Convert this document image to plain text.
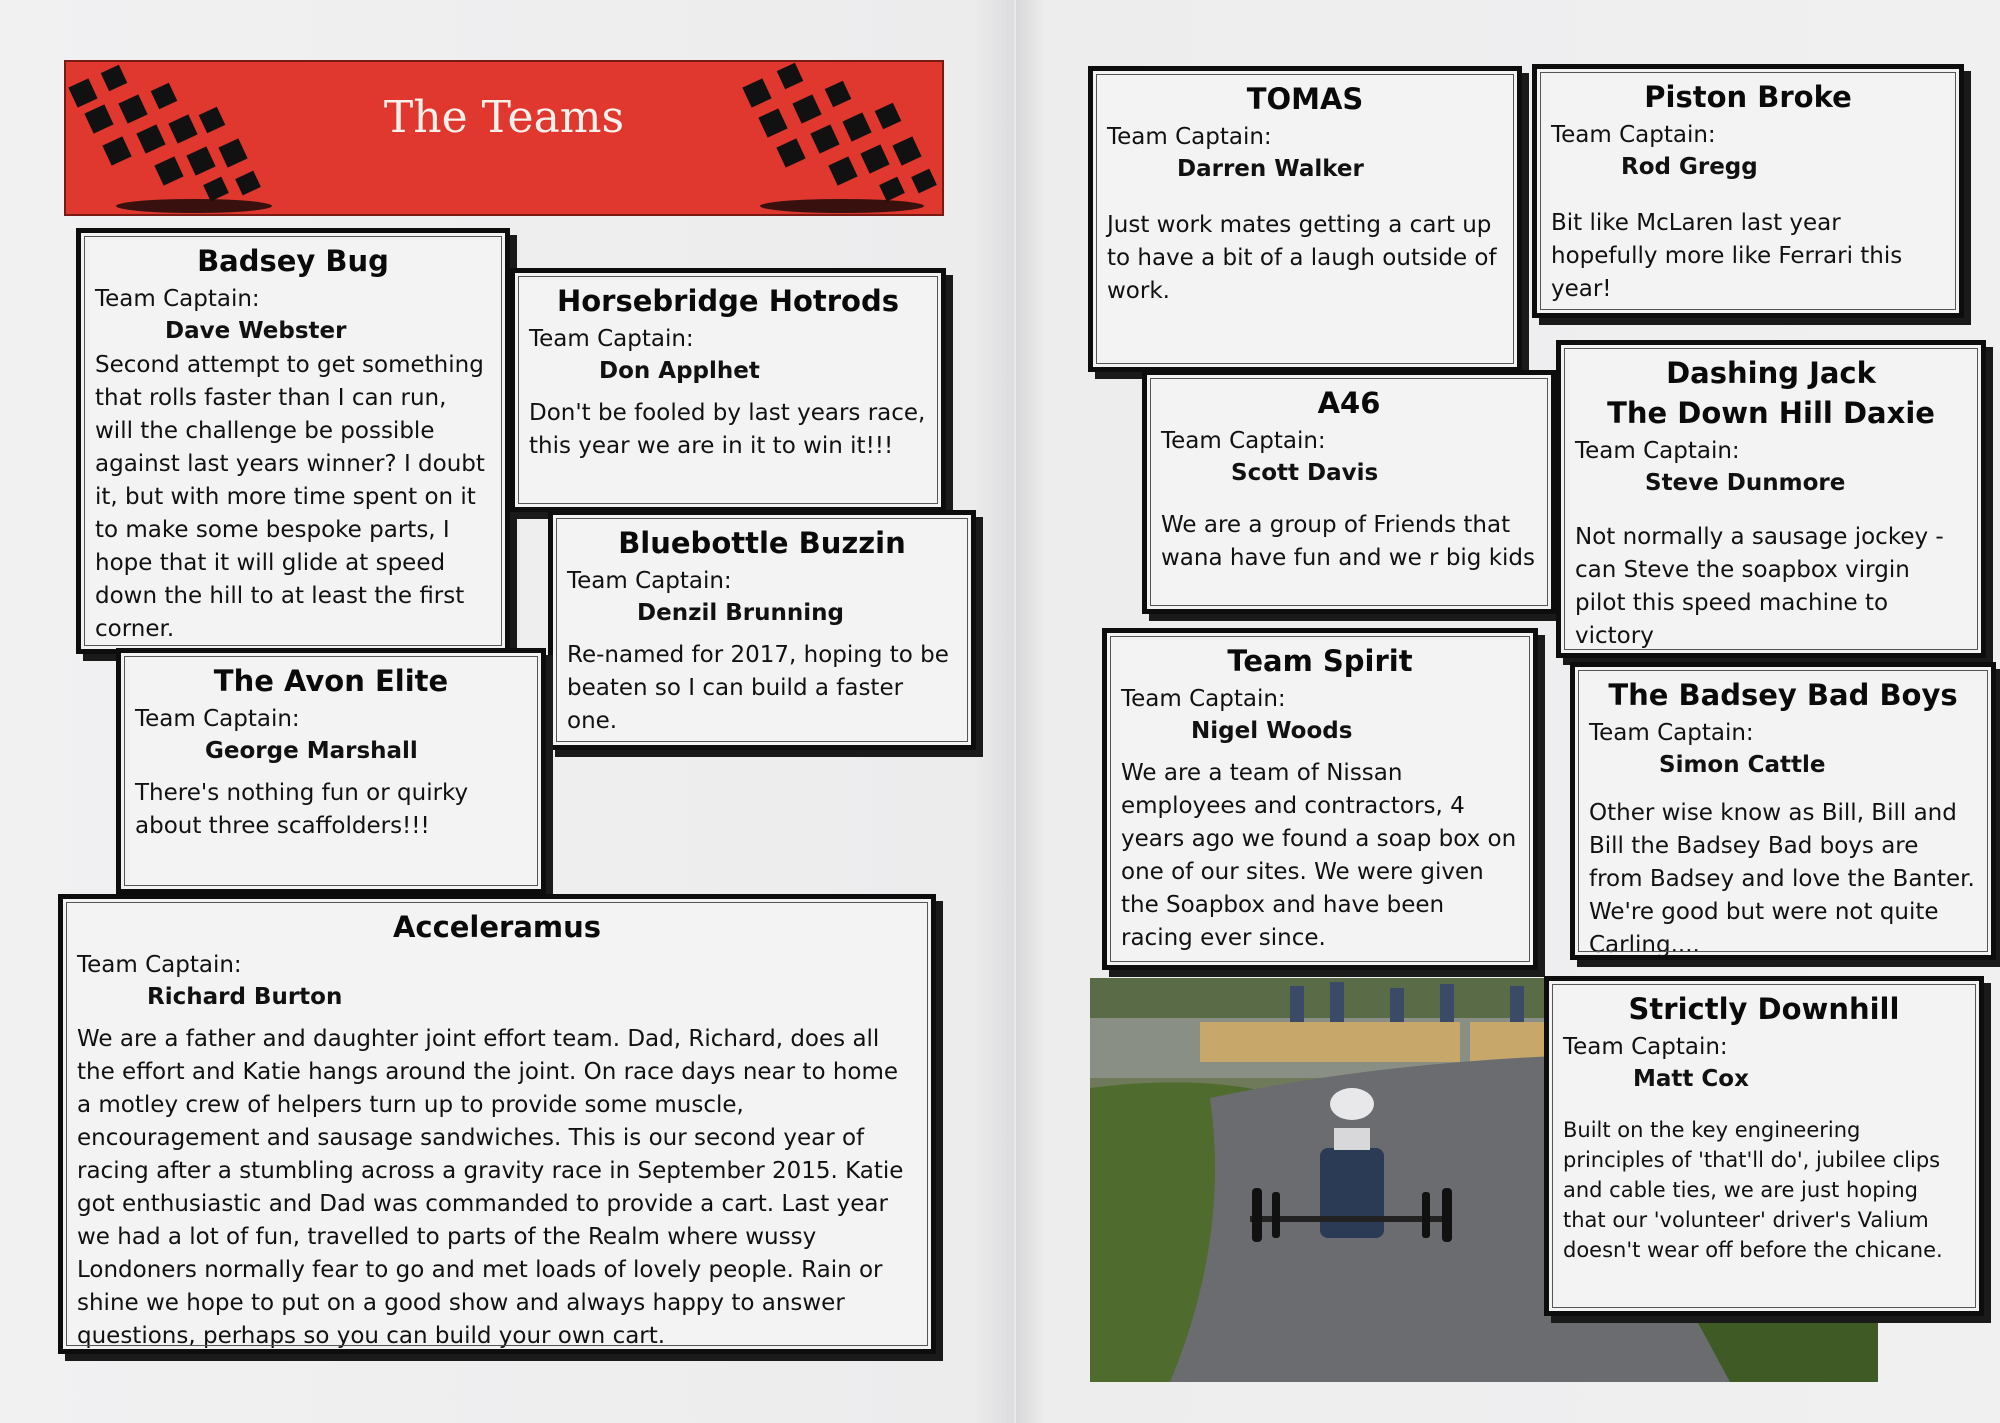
The Teams
Badsey Bug
Team Captain:
Dave Webster
Second attempt to get something that rolls faster than I can run, will the challenge be possible against last years winner? I doubt it, but with more time spent on it to make some bespoke parts, I hope that it will glide at speed down the hill to at least the first corner.
Horsebridge Hotrods
Team Captain:
Don Applhet
Don't be fooled by last years race, this year we are in it to win it!!!
Bluebottle Buzzin
Team Captain:
Denzil Brunning
Re-named for 2017, hoping to be beaten so I can build a faster one.
The Avon Elite
Team Captain:
George Marshall
There's nothing fun or quirky about three scaffolders!!!
Acceleramus
Team Captain:
Richard Burton
We are a father and daughter joint effort team. Dad, Richard, does all the effort and Katie hangs around the joint. On race days near to home a motley crew of helpers turn up to provide some muscle, encouragement and sausage sandwiches. This is our second year of racing after a stumbling across a gravity race in September 2015. Katie got enthusiastic and Dad was commanded to provide a cart. Last year we had a lot of fun, travelled to parts of the Realm where wussy Londoners normally fear to go and met loads of lovely people. Rain or shine we hope to put on a good show and always happy to answer questions, perhaps so you can build your own cart.
TOMAS
Team Captain:
Darren Walker
Just work mates getting a cart up to have a bit of a laugh outside of work.
Piston Broke
Team Captain:
Rod Gregg
Bit like McLaren last year hopefully more like Ferrari this year!
A46
Team Captain:
Scott Davis
We are a group of Friends that wana have fun and we r big kids
Dashing Jack
The Down Hill Daxie
Team Captain:
Steve Dunmore
Not normally a sausage jockey - can Steve the soapbox virgin pilot this speed machine to victory
Team Spirit
Team Captain:
Nigel Woods
We are a team of Nissan employees and contractors, 4 years ago we found a soap box on one of our sites. We were given the Soapbox and have been racing ever since.
The Badsey Bad Boys
Team Captain:
Simon Cattle
Other wise know as Bill, Bill and Bill the Badsey Bad boys are from Badsey and love the Banter. We're good but were not quite Carling....
Strictly Downhill
Team Captain:
Matt Cox
Built on the key engineering principles of 'that'll do', jubilee clips and cable ties, we are just hoping that our 'volunteer' driver's Valium doesn't wear off before the chicane.
